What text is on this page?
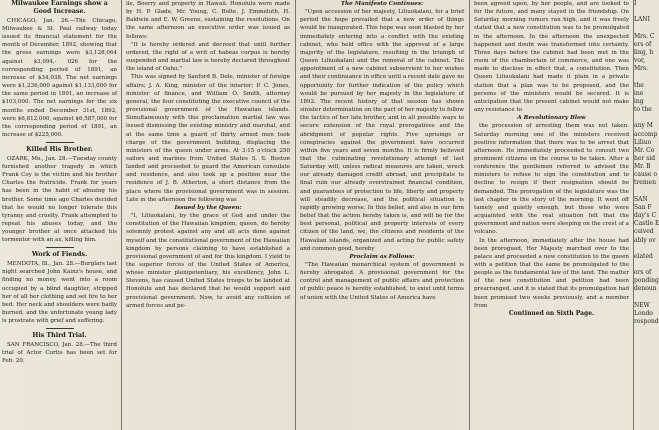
Milwaukee Earnings show a Good Increase.

CHICAGO, Jan. 26.—The Chicago, Milwaukee & St. Paul railway today issued its financial statement for the month of December, 1892, showing that the gross earnings were $3,128,064 against $3,094,- 026 for the corresponding period of 1891, an increase of $34,038. The net earnings were $1,236,000 against $1,133,000 for the same period in 1891, an increase of $103,000. The net earnings for the six months ended December 31st, 1892, were $6,812,000, against $6,587,000 for the corresponding period of 1891, an increase of $225,000.

Killed His Brother.

OZARK, Mo., Jan. 28.—Tuesday county furnished another tragedy in which Frank Coy is the victim and his brother Charles the fratricide. Frank for years has been in the habit of abusing his brother. Some time ago Charles decided that he would no longer tolerate this tyranny and cruelty. Frank attempted to repeat his abuses today, and the younger brother at once attacked his tormentor with an ax, killing him.

Work of Fiends.

MENDOTA, Ill., Jan. 28.—Burglars last night searched John Kainz's house, and finding no money, went into a room occupied by a blind daughter, stripped her of all her clothing and set fire to her bed. Her neck and shoulders were badly burned, and the unfortunate young lady is prostrate with grief and suffering.

His Third Trial.

SAN FRANCISCO, Jan. 28.—The third trial of Actor Curtis has been set for Feb. 20.

ile, Boerry and property in Hawaii. Honolulu were made by H. P. Glade, Mr. Young, C. Bolte, J. Emmeluth, H. Baldwin and E. W. Greene, sustaining the resolutions. On the same afternoon an executive order was issued as follows:

"It is hereby ordered and decreed that until further ordered, the right of a writ of habeas corpus is hereby suspended and martial law is hereby declared throughout the island of Oahu."

This was signed by Sanford B. Dole, minister of foreign affairs; J. A. King, minister of the interior; P. C. Jones, minister of finance, and William O. Smith, attorney general, the four constituting the executive council of the provisional government of the Hawaiian islands. Simultaneously with this proclamation martial law was issued dismissing the existing ministry and marshal, and at the same time a guard of thirty armed men took charge of the government building, displacing the ministers of the queen under arms. At 3:15 o'clock 250 sailors and marines from United States S. S. Boston landed and proceeded to guard the American consulate and residence, and also took up a position near the residence of J. B. Atherton, a short distance from the place where the provisional government was in session. Late in the afternoon the following was

Issued by the Queen:

"I, Liliuokalani, by the grace of God and under the constitution of the Hawaiian kingdom, queen, do hereby solemnly protest against any and all acts done against myself and the constitutional government of the Hawaiian kingdom by persons claiming to have established a provisional government of and for this kingdom. I yield to the superior forces of the United States of America, whose minister plenipotentiary, his excellency, John L. Stevens, has caused United States troops to be landed at Honolulu and has declared that he would support said provisional government. Now, to avoid any collision of armed forces and pe-

The Manifesto Continues:

"Upon accession of her majesty, Liliuokalani, for a brief period the hope prevailed that a new order of things would be inaugurated. This hope was soon blasted by her immediately entering into a conflict with the existing cabinet, who held office with the approval of a large majority of the legislature, resulting in the triumph of Queen Liliuokalani and the removal of the cabinet. The appointment of a new cabinet subservient to her wishes and their continuance in office until a recent date gave no opportunity for further indication of the policy which would be pursued by her majesty in the legislature of 1892. The recent history of that session has shown sinister determination on the part of her majesty to follow the tactics of her late brother, and in all possible ways to secure extension of the royal prerogatives and the abridgment of popular rights. Five uprisings or conspiracies against the government have occurred within five years and seven months. It is firmly believed that the culminating revolutionary attempt of last Saturday will, unless radical measures are taken, wreck our already damaged credit abroad, and precipitate to final ruin our already overstrained financial condition, and guarantees of protection to life, liberty and property will steadily decrease, and the political situation is rapidly growing worse. In this belief, and also in our firm belief that the action hereby taken is, and will be for the best personal, political and property interests of every citizen of the land, we, the citizens and residents of the Hawaiian islands, organized and acting for public safety and common good, hereby

Proclaim as Follows:

"The Hawaiian monarchical system of government is hereby abrogated. A provisional government for the control and management of public affairs and protection of public peace is hereby established, to exist until terms of union with the United States of America have

been agreed upon, by her people, and are looked to for the future, and many stayed in the friendship. On Saturday morning rumors ran high, and it was freely stated that a new constitution was to be promulgated in the afternoon. In the afternoon the unexpected happened and doubt was transformed into certainty. Three days before the cabinet had been met in the room of the chamberlain of commerce, and one was made to disclose in effect that, a constitution. Then Queen Liliuokalani had made it plain in a private station that a plan was to be proposed, and the persons of the ministers would be secured. It is anticipation that the present cabinet would not make any resistance to

A Revolutionary Blow

the procession of arresting them was not taken. Saturday morning one of the ministers received positive information that there was to be arrest that afternoon. He immediately proceeded to consult two prominent citizens on the course to be taken. After a conference the gentlemen referred to advised the ministers to refuse to sign the constitution and to decline to resign if their resignation should be demanded. The prorogation of the legislature was the last chapter in the story of the morning. It went off tamely and quietly enough, but those who were acquainted with the real situation felt that the government and nation were sleeping on the crest of a volcano.

In the afternoon, immediately after the house had been prorogued, Her Majesty marched over to the palace and proceeded a new constitution to the queen with a petition that the same be promulgated to the people as the fundamental law of the land. The matter of the new constitution and petition had been prearranged, and it is stated that its promulgation had been promised two weeks previously, and a member from

Continued on Sixth Page.

I

LANI

Mrs. C
ers of
ling, h
vor,
Mrs.

the
ine
ing
to the

any M
accomp
Liliuo
Mr. Co
her sid
Mr. B
cause o
tremen

SAN
San F
day's C
Castle E
ceived
ably ov

elated

ers of
ponding
denoun

NEW
Londo
respond
